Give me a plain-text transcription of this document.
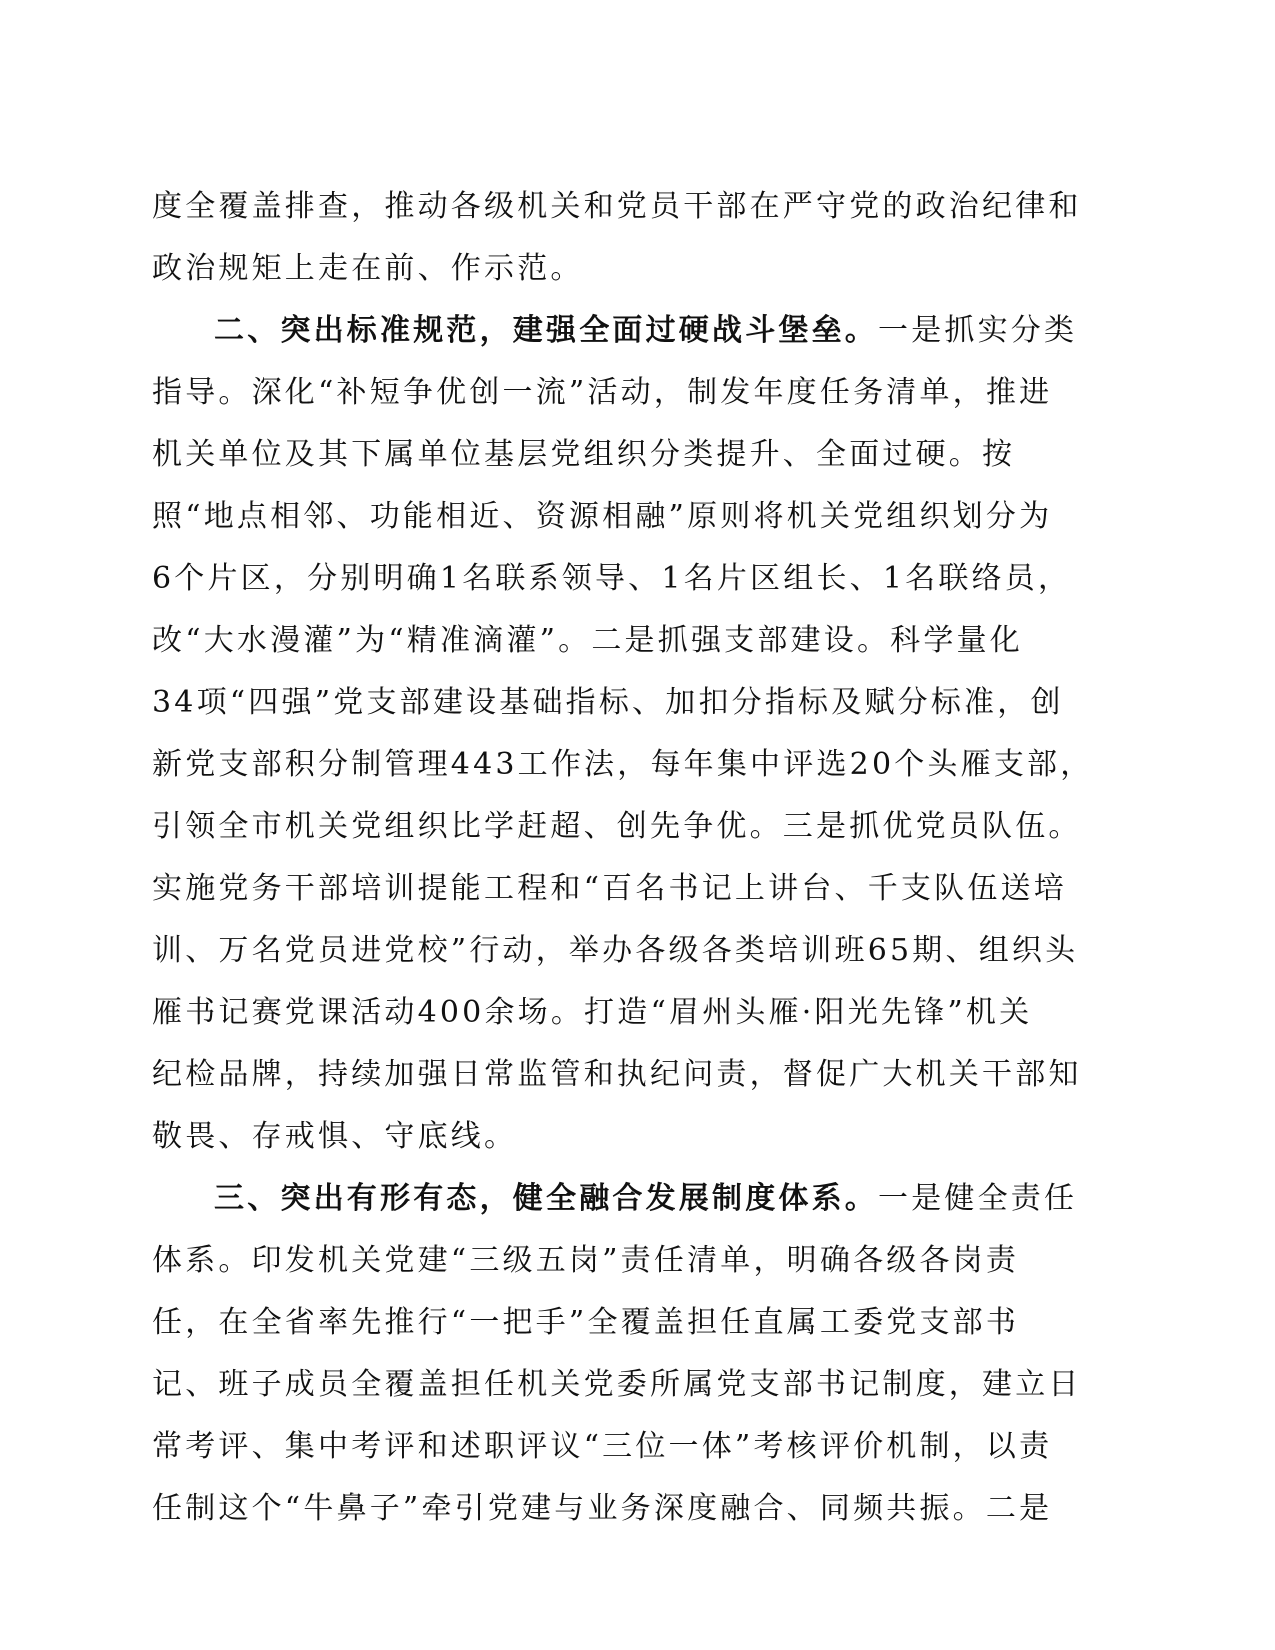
度全覆盖排查，推动各级机关和党员干部在严守党的政治纪律和
政治规矩上走在前、作示范。
二、突出标准规范，建强全面过硬战斗堡垒。一是抓实分类
指导。深化“补短争优创一流”活动，制发年度任务清单，推进
机关单位及其下属单位基层党组织分类提升、全面过硬。按
照“地点相邻、功能相近、资源相融”原则将机关党组织划分为
6个片区，分别明确1名联系领导、1名片区组长、1名联络员，
改“大水漫灌”为“精准滴灌”。二是抓强支部建设。科学量化
34项“四强”党支部建设基础指标、加扣分指标及赋分标准，创
新党支部积分制管理443工作法，每年集中评选20个头雁支部，
引领全市机关党组织比学赶超、创先争优。三是抓优党员队伍。
实施党务干部培训提能工程和“百名书记上讲台、千支队伍送培
训、万名党员进党校”行动，举办各级各类培训班65期、组织头
雁书记赛党课活动400余场。打造“眉州头雁·阳光先锋”机关
纪检品牌，持续加强日常监管和执纪问责，督促广大机关干部知
敬畏、存戒惧、守底线。
三、突出有形有态，健全融合发展制度体系。一是健全责任
体系。印发机关党建“三级五岗”责任清单，明确各级各岗责
任，在全省率先推行“一把手”全覆盖担任直属工委党支部书
记、班子成员全覆盖担任机关党委所属党支部书记制度，建立日
常考评、集中考评和述职评议“三位一体”考核评价机制，以责
任制这个“牛鼻子”牵引党建与业务深度融合、同频共振。二是
